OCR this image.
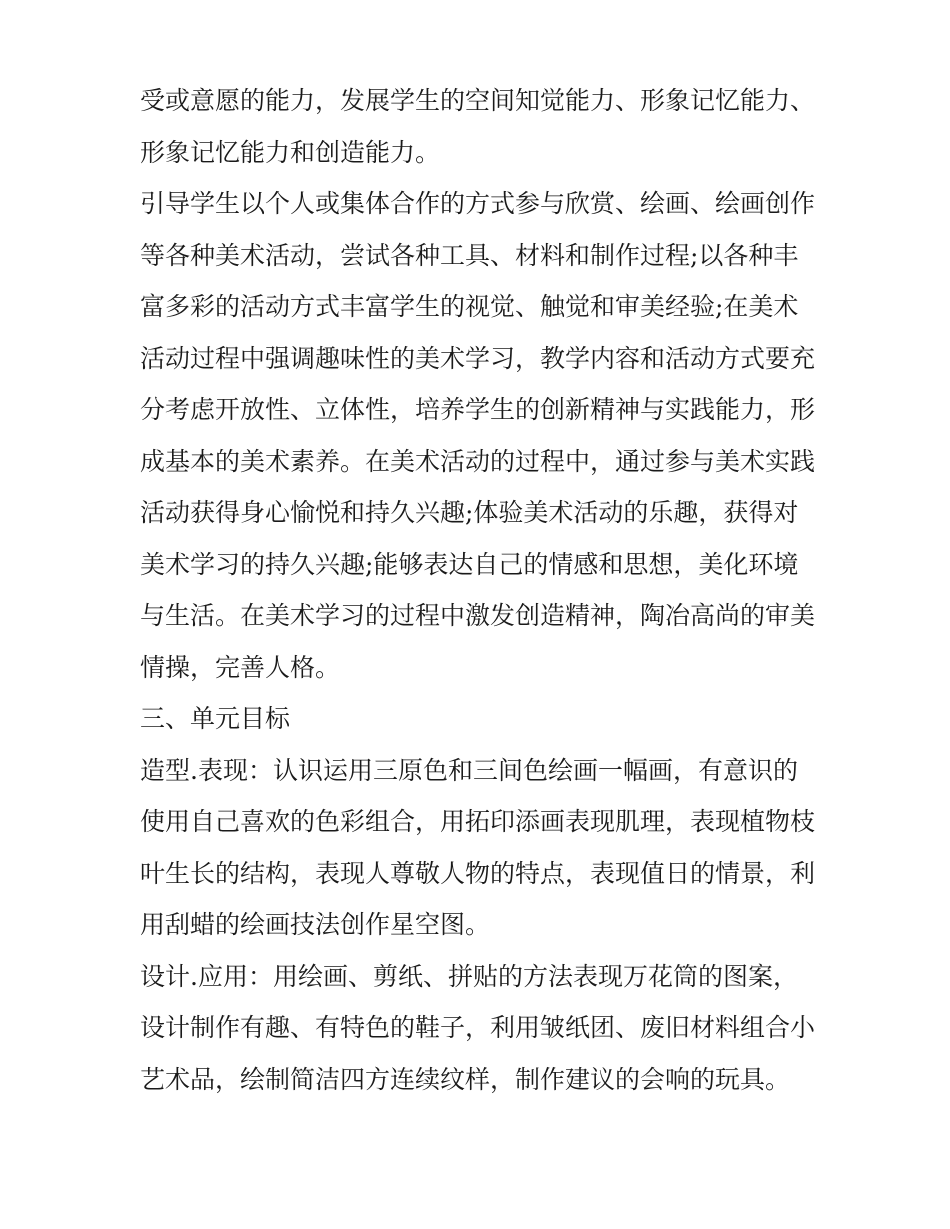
受或意愿的能力，发展学生的空间知觉能力、形象记忆能力、
形象记忆能力和创造能力。
引导学生以个人或集体合作的方式参与欣赏、绘画、绘画创作
等各种美术活动，尝试各种工具、材料和制作过程;以各种丰
富多彩的活动方式丰富学生的视觉、触觉和审美经验;在美术
活动过程中强调趣味性的美术学习，教学内容和活动方式要充
分考虑开放性、立体性，培养学生的创新精神与实践能力，形
成基本的美术素养。在美术活动的过程中，通过参与美术实践
活动获得身心愉悦和持久兴趣;体验美术活动的乐趣，获得对
美术学习的持久兴趣;能够表达自己的情感和思想，美化环境
与生活。在美术学习的过程中激发创造精神，陶冶高尚的审美
情操，完善人格。
三、单元目标
造型.表现：认识运用三原色和三间色绘画一幅画，有意识的
使用自己喜欢的色彩组合，用拓印添画表现肌理，表现植物枝
叶生长的结构，表现人尊敬人物的特点，表现值日的情景，利
用刮蜡的绘画技法创作星空图。
设计.应用：用绘画、剪纸、拼贴的方法表现万花筒的图案，
设计制作有趣、有特色的鞋子，利用皱纸团、废旧材料组合小
艺术品，绘制简洁四方连续纹样，制作建议的会响的玩具。
